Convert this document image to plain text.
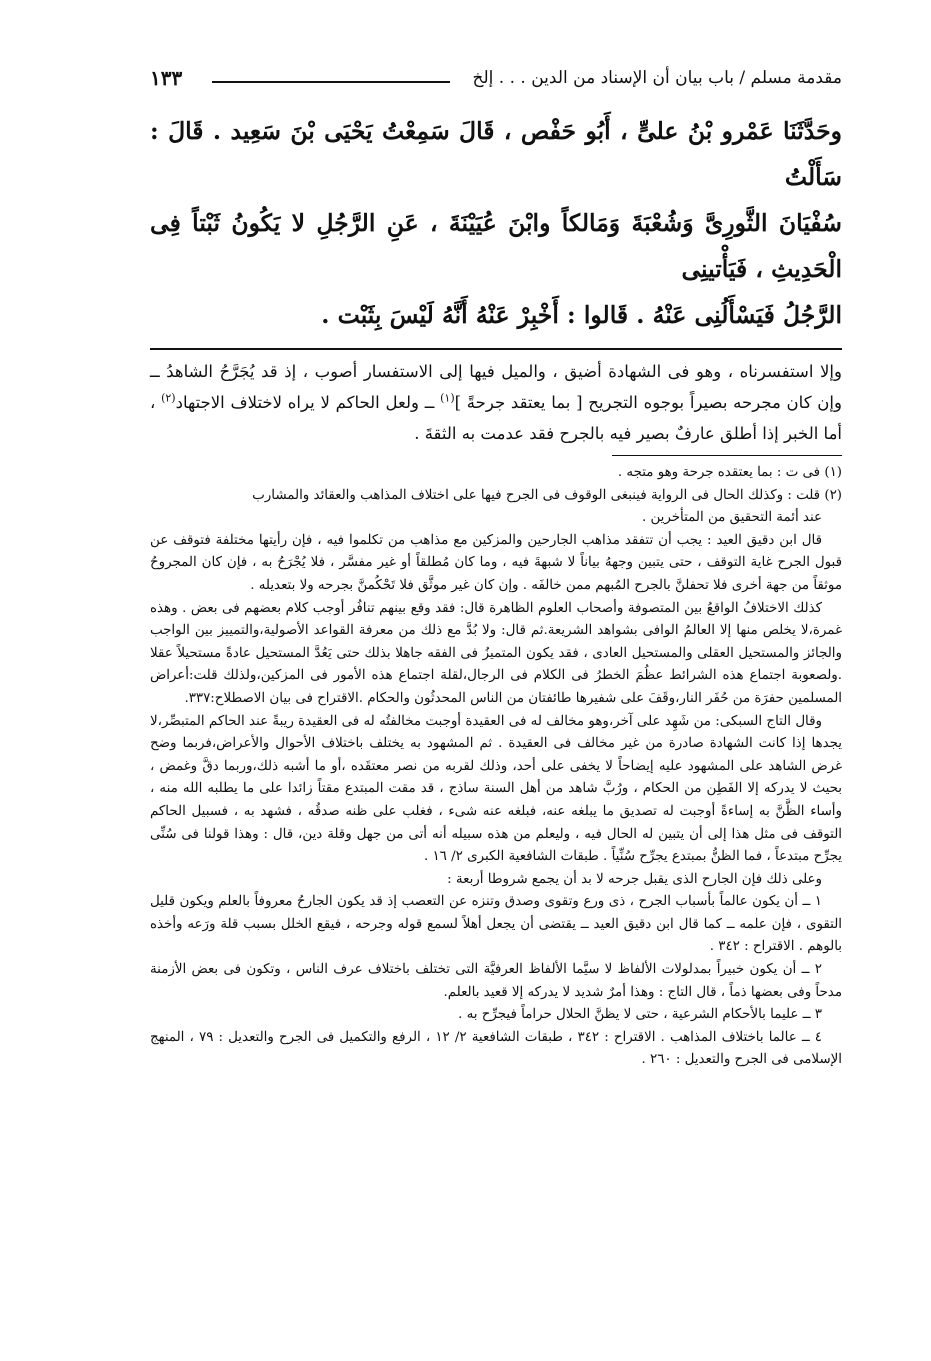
مقدمة مسلم / باب بيان أن الإسناد من الدين . . . إلخ
١٣٣

وحَدَّثَنَا عَمْرو بْنُ علىٍّ ، أَبُو حَفْص ، قَالَ سَمِعْتُ يَحْيَى بْنَ سَعِيد . قَالَ : سَأَلْتُ

سُفْيَانَ الثَّورِىَّ وَشُعْبَةَ وَمَالكاً وابْنَ عُيَيْنَةَ ، عَنِ الرَّجُلِ لا يَكُونُ ثَبْتاً فِى الْحَدِيثِ ، فَيَأْتينِى

الرَّجُلُ فَيَسْأَلُنِى عَنْهُ . قَالوا : أَخْبِرْ عَنْهُ أَنَّهُ لَيْسَ بِثَبْت .

وإلا استفسرناه ، وهو فى الشهادة أضيق ، والميل فيها إلى الاستفسار أصوب ، إذ قد يُجَرَّحُ الشاهدُ ــ وإن كان مجرحه بصيراً بوجوه التجريح [ بما يعتقد جرحةً ]$^{(١)}$ ــ ولعل الحاكم لا يراه لاختلاف الاجتهاد$^{(٢)}$ ، أما الخبر إذا أطلق عارفٌ بصير فيه بالجرح فقد عدمت به الثقةَ .

(١) فى ت : بما يعتقده جرحة وهو متجه .

(٢) قلت : وكذلك الحال فى الرواية فينبغى الوقوف فى الجرح فيها على اختلاف المذاهب والعقائد والمشارب

عند أئمة التحقيق من المتأخرين .

قال ابن دقيق العيد : يجب أن تتفقد مذاهب الجارحين والمزكين مع مذاهب من تكلموا فيه ، فإن رأيتها مختلفة فتوقف عن قبول الجرح غاية التوقف ، حتى يتبين وجههُ بياناً لا شبهةَ فيه ، وما كان مُطلقاً أو غير مفسَّر ، فلا يُجْرَحُ به ، فإن كان المجروحُ موثقاً من جهة أخرى فلا تحفلنَّ بالجرح المُبهم ممن خالفَه . وإن كان غير موثَّق فلا تَحْكُمنَّ بجرحه ولا بتعديله .

كذلك الاختلافُ الواقعُ بين المتصوفة وأصحاب العلوم الظاهرة قال: فقد وقع بينهم تنافُر أوجب كلام بعضهم فى بعض . وهذه غمرة،لا يخلص منها إلا العالمُ الوافى بشواهد الشريعة.ثم قال: ولا بُدَّ مع ذلك من معرفة القواعد الأصولية،والتمييز بين الواجب والجائز والمستحيل العقلى والمستحيل العادى ، فقد يكون المتميزُ فى الفقه جاهلا بذلك حتى يَعُدَّ المستحيل عادةً مستحيلاً عقلا .ولصعوبة اجتماع هذه الشرائط عظُمَ الخطرُ فى الكلام فى الرجال،لقلة اجتماع هذه الأمور فى المزكين،ولذلك قلت:أعراض المسلمين حفرَة من حُفَر النار،وقَفَ على شفيرها طائفتان من الناس المحدثُون والحكام .الاقتراح فى بيان الاصطلاح:٣٣٧.

وقال التاج السبكى: من شَهِد على آخر،وهو مخالف له فى العقيدة أوجبت مخالفتُه له فى العقيدة ريبةً عند الحاكم المتبصِّر،لا يجدها إذا كانت الشهادة صادرة من غير مخالف فى العقيدة . ثم المشهود به يختلف باختلاف الأحوال والأعراض،فربما وضح غرض الشاهد على المشهود عليه إيضاحاً لا يخفى على أحد، وذلك لقربه من نصر معتقَده ،أو ما أشبه ذلك،وربما دقَّ وغمض ، بحيث لا يدركه إلا الفَطِن من الحكام ، ورُبَّ شاهد من أهل السنة ساذج ، قد مقت المبتدع مقتاً زائدا على ما يطلبه الله منه ، وأساء الظَّنَّ به إساءةً أوجبت له تصديق ما يبلغه عنه، فبلغه عنه شىء ، فغلب على ظنه صدقُه ، فشهد به ، فسبيل الحاكم التوقف فى مثل هذا إلى أن يتبين له الحال فيه ، وليعلم من هذه سبيله أنه أتى من جهل وقلة دين، قال : وهذا قولنا فى سُنِّى يجرِّح مبتدعاً ، فما الظنُّ بمبتدع يجرِّح سُنِّياً . طبقات الشافعية الكبرى ٢/ ١٦ .

وعلى ذلك فإن الجارح الذى يقبل جرحه لا بد أن يجمع شروطا أربعة :

١ ــ أن يكون عالماً بأسباب الجرح ، ذى ورع وتقوى وصدق وتنزه عن التعصب إذ قد يكون الجارحُ معروفاً بالعلم ويكون قليل التقوى ، فإن علمه ــ كما قال ابن دقيق العيد ــ يقتضى أن يجعل أهلاً لسمع قوله وجرحه ، فيقع الخلل بسبب قلة ورَعه وأخذه بالوهم . الاقتراح : ٣٤٢ .

٢ ــ أن يكون خبيراً بمدلولات الألفاظ لا سيَّما الألفاظ العرفيَّة التى تختلف باختلاف عرف الناس ، وتكون فى بعض الأزمنة مدحاً وفى بعضها ذماً ، قال التاج : وهذا أمرٌ شديد لا يدركه إلا قعيد بالعلم.

٣ ــ عليما بالأحكام الشرعية ، حتى لا يظنَّ الحلال حراماً فيجرِّح به .

٤ ــ عالما باختلاف المذاهب . الاقتراح : ٣٤٢ ، طبقات الشافعية ٢/ ١٢ ، الرفع والتكميل فى الجرح والتعديل : ٧٩ ، المنهج الإسلامى فى الجرح والتعديل : ٢٦٠ .
